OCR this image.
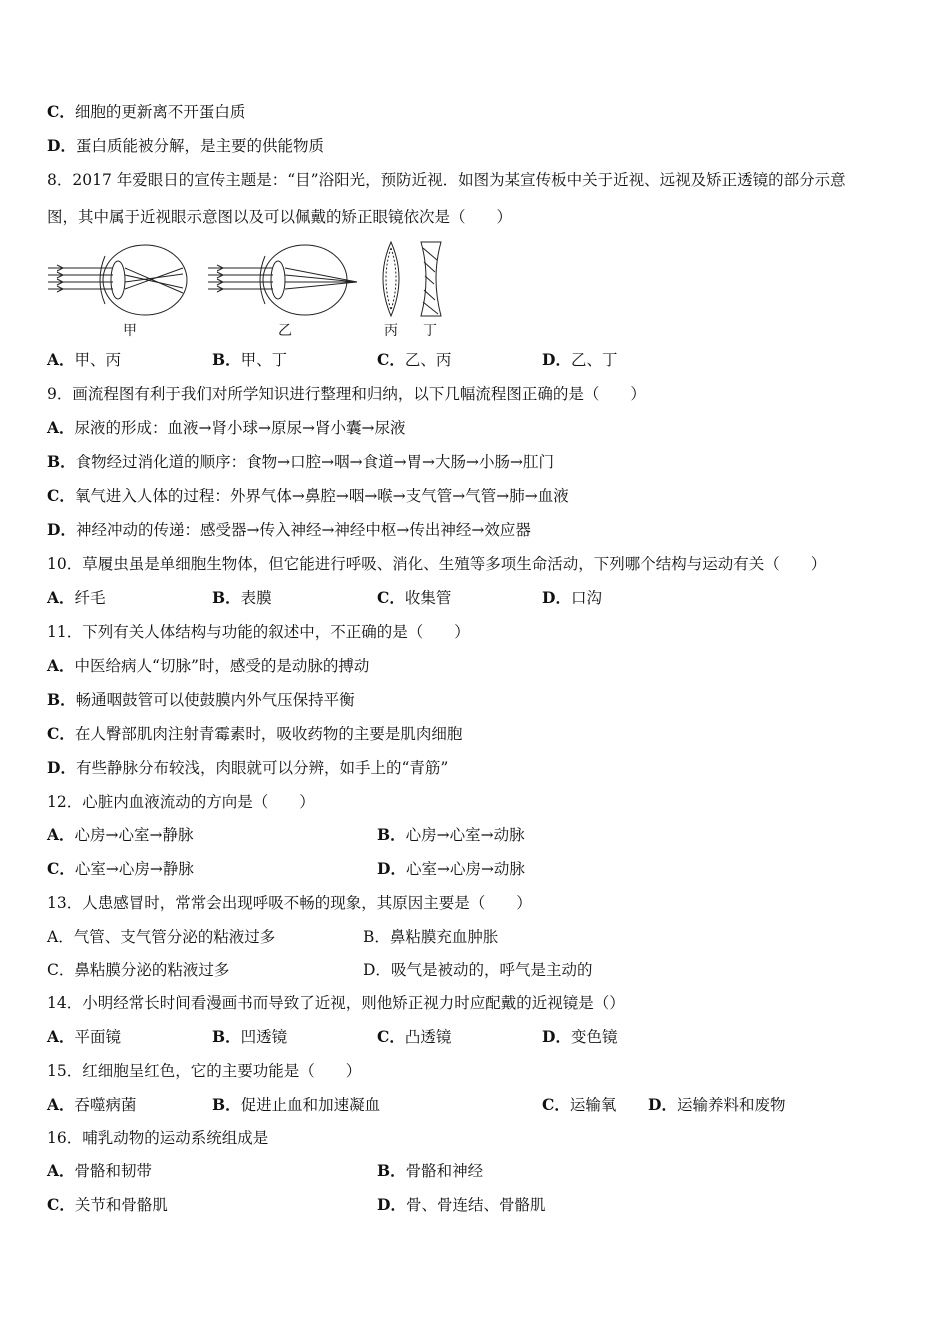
C．细胞的更新离不开蛋白质
D．蛋白质能被分解，是主要的供能物质
8．2017 年爱眼日的宣传主题是：“目”浴阳光，预防近视．如图为某宣传板中关于近视、远视及矫正透镜的部分示意
图，其中属于近视眼示意图以及可以佩戴的矫正眼镜依次是（　　）
甲	乙	丙 丁
A．甲、丙	B．甲、丁	C．乙、丙	D．乙、丁
9．画流程图有利于我们对所学知识进行整理和归纳，以下几幅流程图正确的是（　　）
A．尿液的形成：血液→肾小球→原尿→肾小囊→尿液
B．食物经过消化道的顺序：食物→口腔→咽→食道→胃→大肠→小肠→肛门
C．氧气进入人体的过程：外界气体→鼻腔→咽→喉→支气管→气管→肺→血液
D．神经冲动的传递：感受器→传入神经→神经中枢→传出神经→效应器
10．草履虫虽是单细胞生物体，但它能进行呼吸、消化、生殖等多项生命活动，下列哪个结构与运动有关（　　）
A．纤毛	B．表膜	C．收集管	D．口沟
11．下列有关人体结构与功能的叙述中，不正确的是（　　）
A．中医给病人“切脉”时，感受的是动脉的搏动
B．畅通咽鼓管可以使鼓膜内外气压保持平衡
C．在人臀部肌肉注射青霉素时，吸收药物的主要是肌肉细胞
D．有些静脉分布较浅，肉眼就可以分辨，如手上的“青筋”
12．心脏内血液流动的方向是（　　）
A．心房→心室→静脉	B．心房→心室→动脉
C．心室→心房→静脉	D．心室→心房→动脉
13．人患感冒时，常常会出现呼吸不畅的现象，其原因主要是（　　）
A．气管、支气管分泌的粘液过多	B．鼻粘膜充血肿胀
C．鼻粘膜分泌的粘液过多	D．吸气是被动的，呼气是主动的
14．小明经常长时间看漫画书而导致了近视，则他矫正视力时应配戴的近视镜是（）
A．平面镜	B．凹透镜	C．凸透镜	D．变色镜
15．红细胞呈红色，它的主要功能是（　　）
A．吞噬病菌	B．促进止血和加速凝血	C．运输氧 D．运输养料和废物
16．哺乳动物的运动系统组成是
A．骨骼和韧带	B．骨骼和神经
C．关节和骨骼肌	D．骨、骨连结、骨骼肌
